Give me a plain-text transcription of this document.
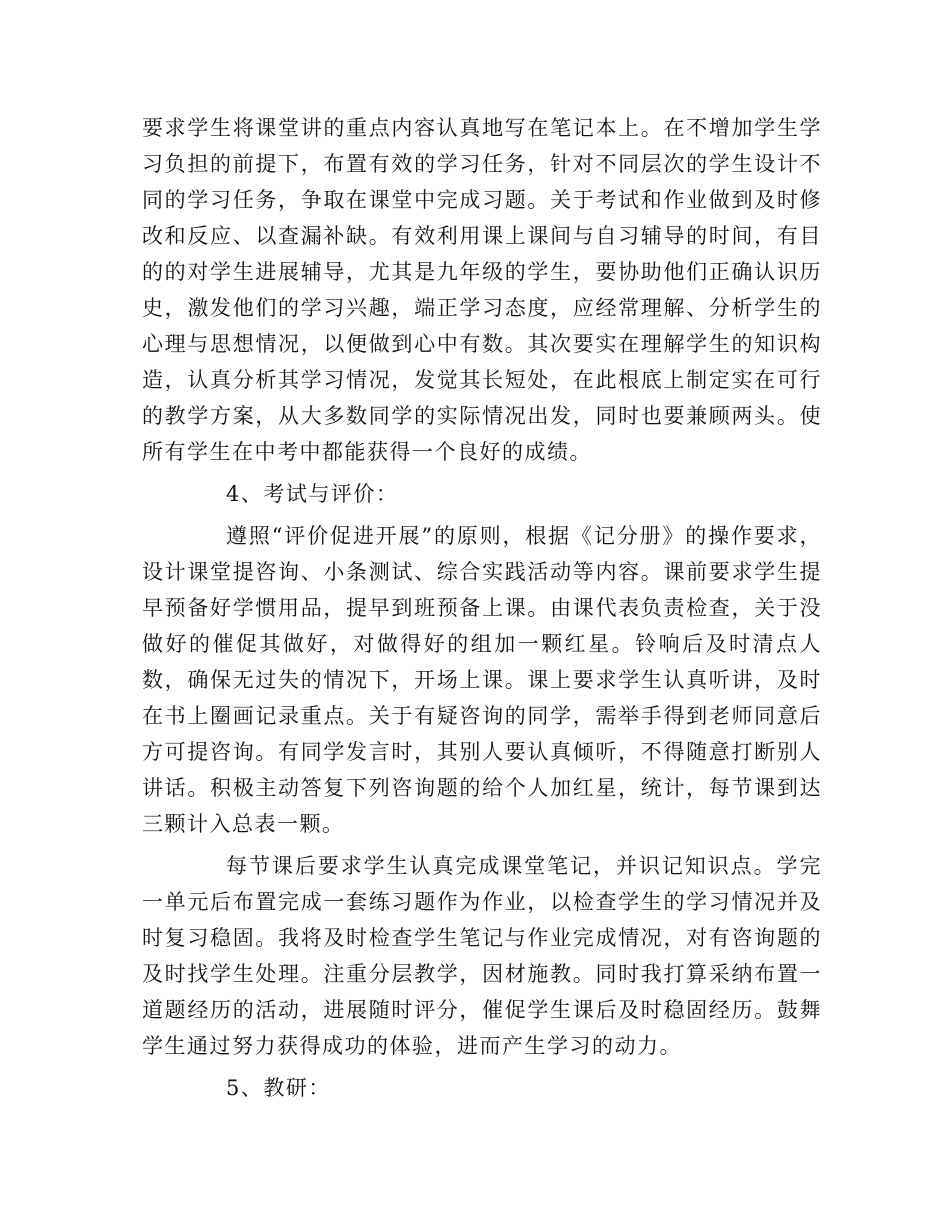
要求学生将课堂讲的重点内容认真地写在笔记本上。在不增加学生学习负担的前提下，布置有效的学习任务，针对不同层次的学生设计不同的学习任务，争取在课堂中完成习题。关于考试和作业做到及时修改和反应、以查漏补缺。有效利用课上课间与自习辅导的时间，有目的的对学生进展辅导，尤其是九年级的学生，要协助他们正确认识历史，激发他们的学习兴趣，端正学习态度，应经常理解、分析学生的心理与思想情况，以便做到心中有数。其次要实在理解学生的知识构造，认真分析其学习情况，发觉其长短处，在此根底上制定实在可行的教学方案，从大多数同学的实际情况出发，同时也要兼顾两头。使所有学生在中考中都能获得一个良好的成绩。

4、考试与评价：

遵照“评价促进开展”的原则，根据《记分册》的操作要求，设计课堂提咨询、小条测试、综合实践活动等内容。课前要求学生提早预备好学惯用品，提早到班预备上课。由课代表负责检查，关于没做好的催促其做好，对做得好的组加一颗红星。铃响后及时清点人数，确保无过失的情况下，开场上课。课上要求学生认真听讲，及时在书上圈画记录重点。关于有疑咨询的同学，需举手得到老师同意后方可提咨询。有同学发言时，其别人要认真倾听，不得随意打断别人讲话。积极主动答复下列咨询题的给个人加红星，统计，每节课到达三颗计入总表一颗。

每节课后要求学生认真完成课堂笔记，并识记知识点。学完一单元后布置完成一套练习题作为作业，以检查学生的学习情况并及时复习稳固。我将及时检查学生笔记与作业完成情况，对有咨询题的及时找学生处理。注重分层教学，因材施教。同时我打算采纳布置一道题经历的活动，进展随时评分，催促学生课后及时稳固经历。鼓舞学生通过努力获得成功的体验，进而产生学习的动力。

5、教研：
